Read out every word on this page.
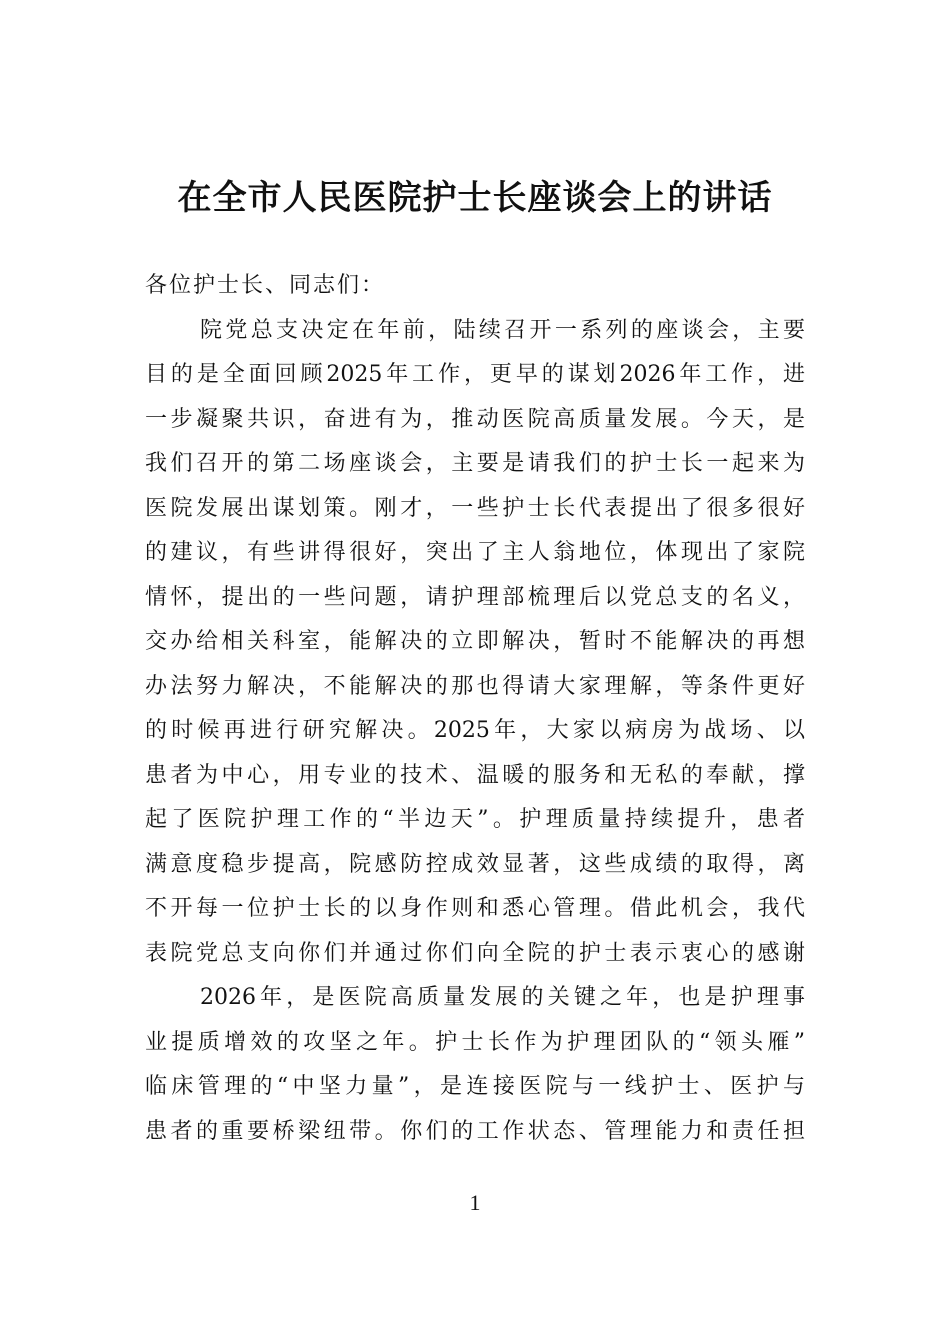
在全市人民医院护士长座谈会上的讲话
各位护士长、同志们：
院党总支决定在年前，陆续召开一系列的座谈会，主要
目的是全面回顾2025年工作，更早的谋划2026年工作，进
一步凝聚共识，奋进有为，推动医院高质量发展。今天，是
我们召开的第二场座谈会，主要是请我们的护士长一起来为
医院发展出谋划策。刚才，一些护士长代表提出了很多很好
的建议，有些讲得很好，突出了主人翁地位，体现出了家院
情怀，提出的一些问题，请护理部梳理后以党总支的名义，
交办给相关科室，能解决的立即解决，暂时不能解决的再想
办法努力解决，不能解决的那也得请大家理解，等条件更好
的时候再进行研究解决。2025年，大家以病房为战场、以
患者为中心，用专业的技术、温暖的服务和无私的奉献，撑
起了医院护理工作的“半边天”。护理质量持续提升，患者
满意度稳步提高，院感防控成效显著，这些成绩的取得，离
不开每一位护士长的以身作则和悉心管理。借此机会，我代
表院党总支向你们并通过你们向全院的护士表示衷心的感谢
2026年，是医院高质量发展的关键之年，也是护理事
业提质增效的攻坚之年。护士长作为护理团队的“领头雁”
临床管理的“中坚力量”，是连接医院与一线护士、医护与
患者的重要桥梁纽带。你们的工作状态、管理能力和责任担
1
